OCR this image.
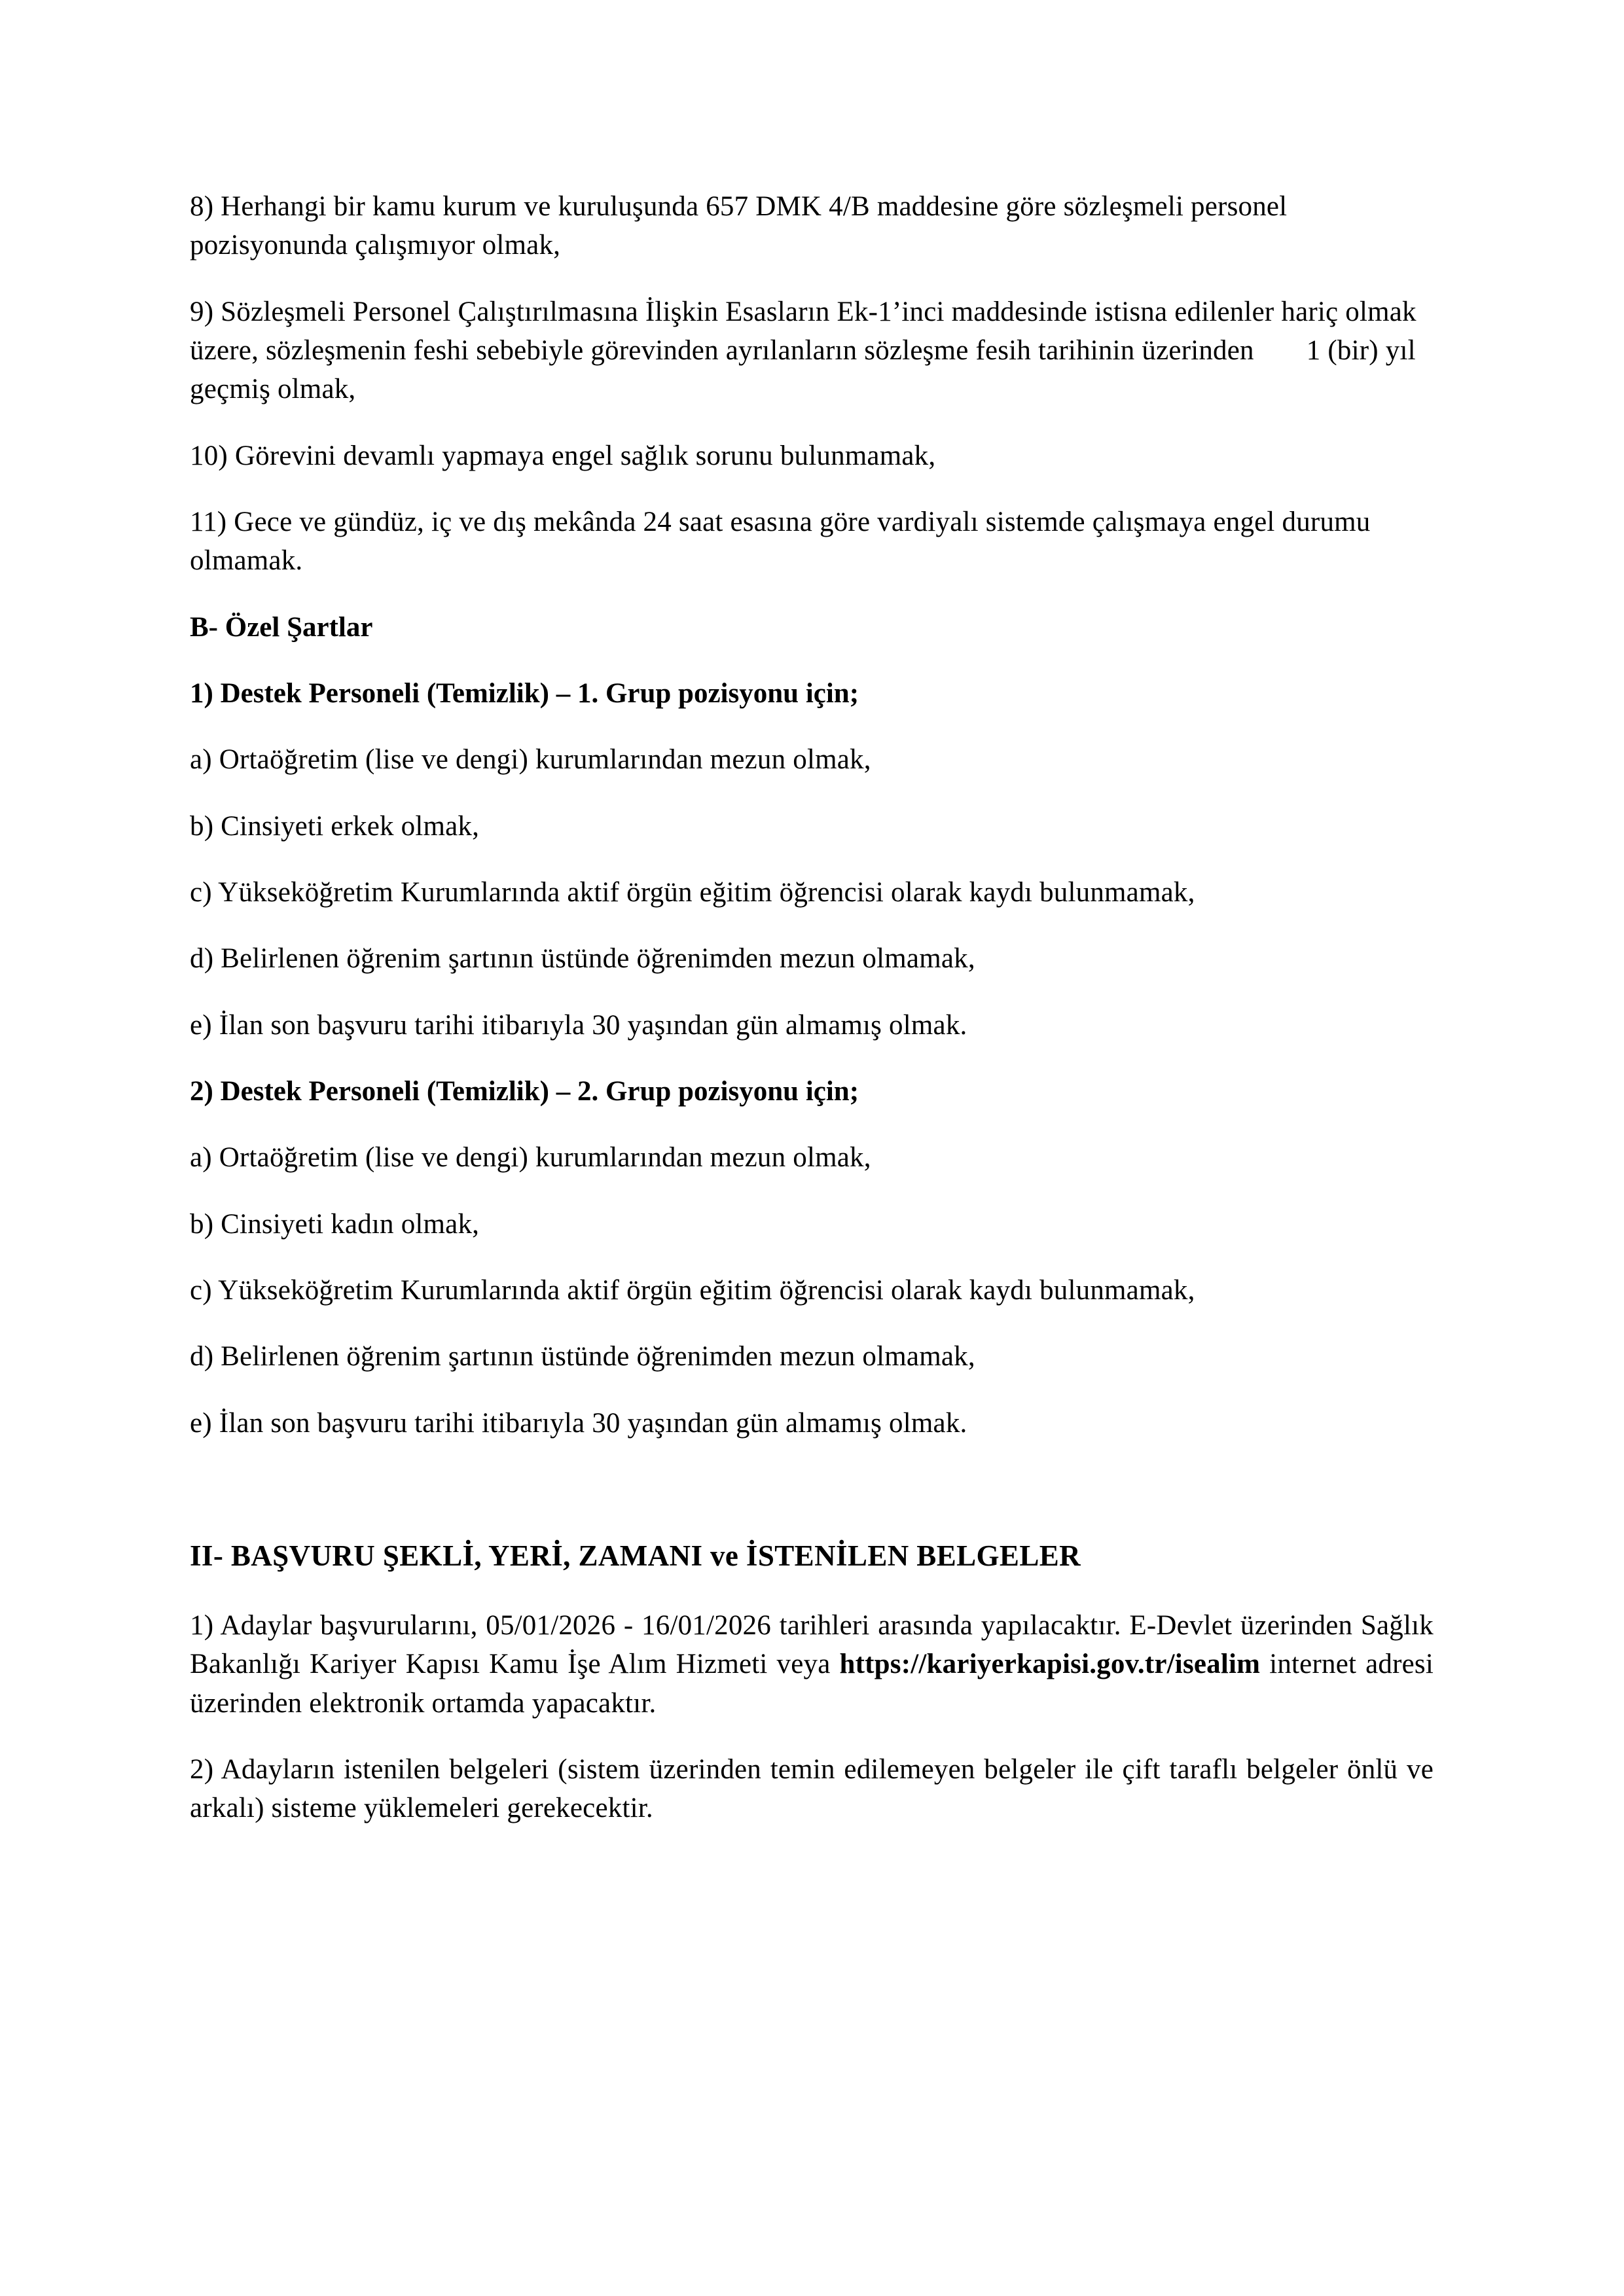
8) Herhangi bir kamu kurum ve kuruluşunda 657 DMK 4/B maddesine göre sözleşmeli personel pozisyonunda çalışmıyor olmak,

9) Sözleşmeli Personel Çalıştırılmasına İlişkin Esasların Ek-1’inci maddesinde istisna edilenler hariç olmak üzere, sözleşmenin feshi sebebiyle görevinden ayrılanların sözleşme fesih tarihinin üzerinden 1 (bir) yıl geçmiş olmak,

10) Görevini devamlı yapmaya engel sağlık sorunu bulunmamak,

11) Gece ve gündüz, iç ve dış mekânda 24 saat esasına göre vardiyalı sistemde çalışmaya engel durumu olmamak.

B- Özel Şartlar
1) Destek Personeli (Temizlik) – 1. Grup pozisyonu için;

a) Ortaöğretim (lise ve dengi) kurumlarından mezun olmak,

b) Cinsiyeti erkek olmak,

c) Yükseköğretim Kurumlarında aktif örgün eğitim öğrencisi olarak kaydı bulunmamak,

d) Belirlenen öğrenim şartının üstünde öğrenimden mezun olmamak,

e) İlan son başvuru tarihi itibarıyla 30 yaşından gün almamış olmak.

2) Destek Personeli (Temizlik) – 2. Grup pozisyonu için;

a) Ortaöğretim (lise ve dengi) kurumlarından mezun olmak,

b) Cinsiyeti kadın olmak,

c) Yükseköğretim Kurumlarında aktif örgün eğitim öğrencisi olarak kaydı bulunmamak,

d) Belirlenen öğrenim şartının üstünde öğrenimden mezun olmamak,

e) İlan son başvuru tarihi itibarıyla 30 yaşından gün almamış olmak.

II- BAŞVURU ŞEKLİ, YERİ, ZAMANI ve İSTENİLEN BELGELER

1) Adaylar başvurularını, 05/01/2026 - 16/01/2026 tarihleri arasında yapılacaktır. E-Devlet üzerinden Sağlık Bakanlığı Kariyer Kapısı Kamu İşe Alım Hizmeti veya https://kariyerkapisi.gov.tr/isealim internet adresi üzerinden elektronik ortamda yapacaktır.

2) Adayların istenilen belgeleri (sistem üzerinden temin edilemeyen belgeler ile çift taraflı belgeler önlü ve arkalı) sisteme yüklemeleri gerekecektir.
